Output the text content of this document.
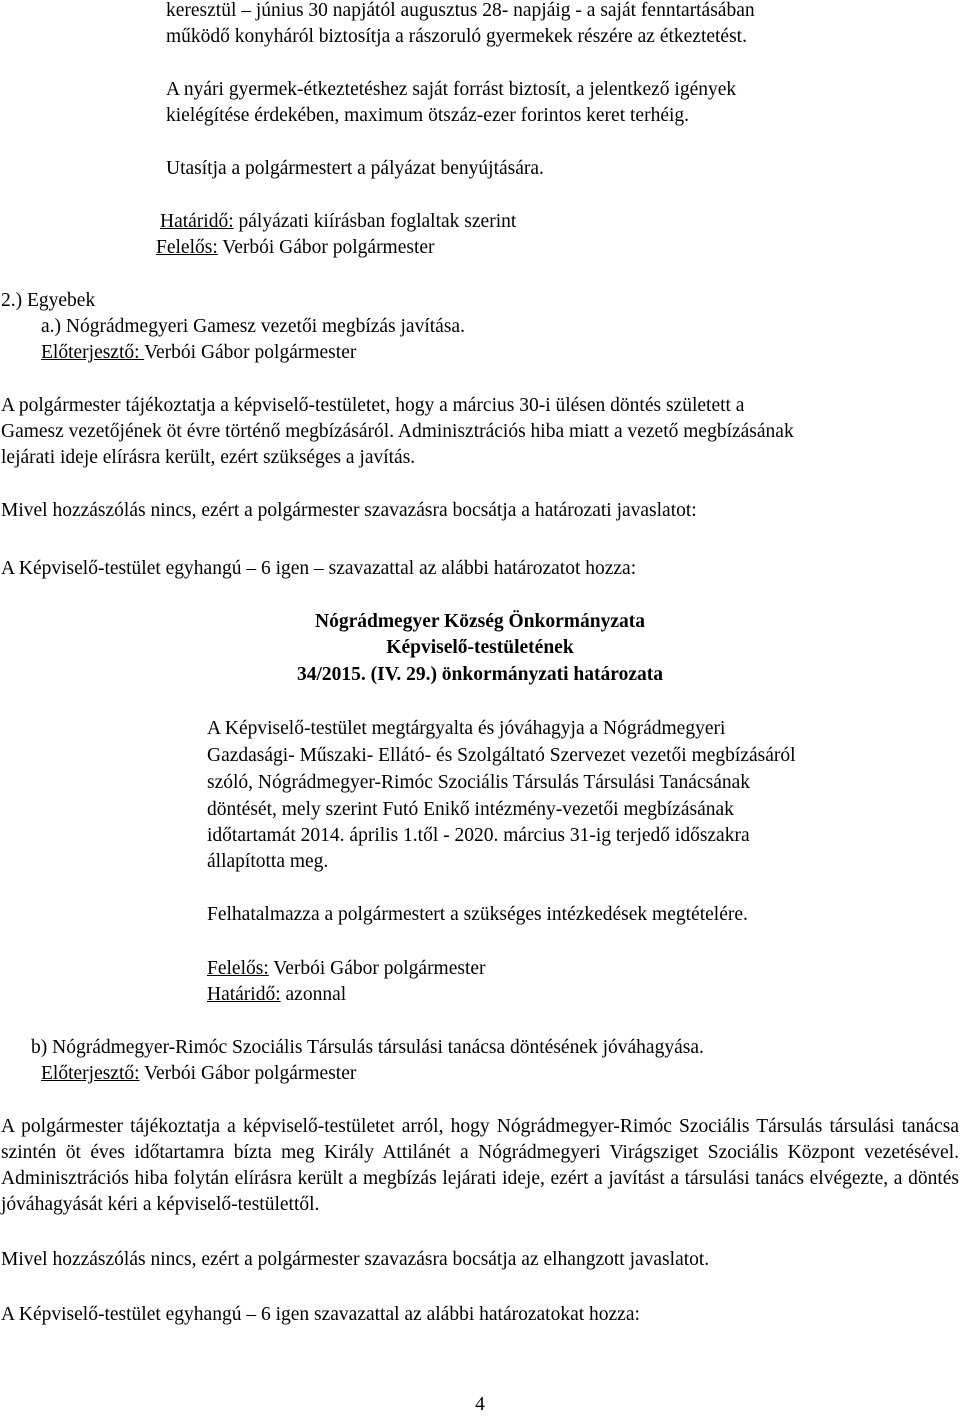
keresztül – június 30 napjától augusztus 28- napjáig - a saját fenntartásában

működő konyháról biztosítja a rászoruló gyermekek részére az étkeztetést.

A nyári gyermek-étkeztetéshez saját forrást biztosít, a jelentkező igények

kielégítése érdekében, maximum ötszáz-ezer forintos keret terhéig.

Utasítja a polgármestert a pályázat benyújtására.

Határidő: pályázati kiírásban foglaltak szerint

Felelős: Verbói Gábor polgármester

2.) Egyebek

a.) Nógrádmegyeri Gamesz vezetői megbízás javítása.

Előterjesztő: Verbói Gábor polgármester

A polgármester tájékoztatja a képviselő-testületet, hogy a március 30-i ülésen döntés született a

Gamesz vezetőjének öt évre történő megbízásáról. Adminisztrációs hiba miatt a vezető megbízásának

lejárati ideje elírásra került, ezért szükséges a javítás.

Mivel hozzászólás nincs, ezért a polgármester szavazásra bocsátja a határozati javaslatot:

A Képviselő-testület egyhangú – 6 igen – szavazattal az alábbi határozatot hozza:

Nógrádmegyer Község Önkormányzata

Képviselő-testületének

34/2015. (IV. 29.) önkormányzati határozata

A Képviselő-testület megtárgyalta és jóváhagyja a Nógrádmegyeri

Gazdasági- Műszaki- Ellátó- és Szolgáltató Szervezet vezetői megbízásáról

szóló, Nógrádmegyer-Rimóc Szociális Társulás Társulási Tanácsának

döntését, mely szerint Futó Enikő intézmény-vezetői megbízásának

időtartamát 2014. április 1.től - 2020. március 31-ig terjedő időszakra

állapította meg.

Felhatalmazza a polgármestert a szükséges intézkedések megtételére.

Felelős: Verbói Gábor polgármester

Határidő: azonnal

b) Nógrádmegyer-Rimóc Szociális Társulás társulási tanácsa döntésének jóváhagyása.

Előterjesztő: Verbói Gábor polgármester

A polgármester tájékoztatja a képviselő-testületet arról, hogy Nógrádmegyer-Rimóc Szociális Társulás társulási tanácsa szintén öt éves időtartamra bízta meg Király Attilánét a Nógrádmegyeri Virágsziget Szociális Központ vezetésével. Adminisztrációs hiba folytán elírásra került a megbízás lejárati ideje, ezért a javítást a társulási tanács elvégezte, a döntés jóváhagyását kéri a képviselő-testülettől.

Mivel hozzászólás nincs, ezért a polgármester szavazásra bocsátja az elhangzott javaslatot.

A Képviselő-testület egyhangú – 6 igen szavazattal az alábbi határozatokat hozza:

4
